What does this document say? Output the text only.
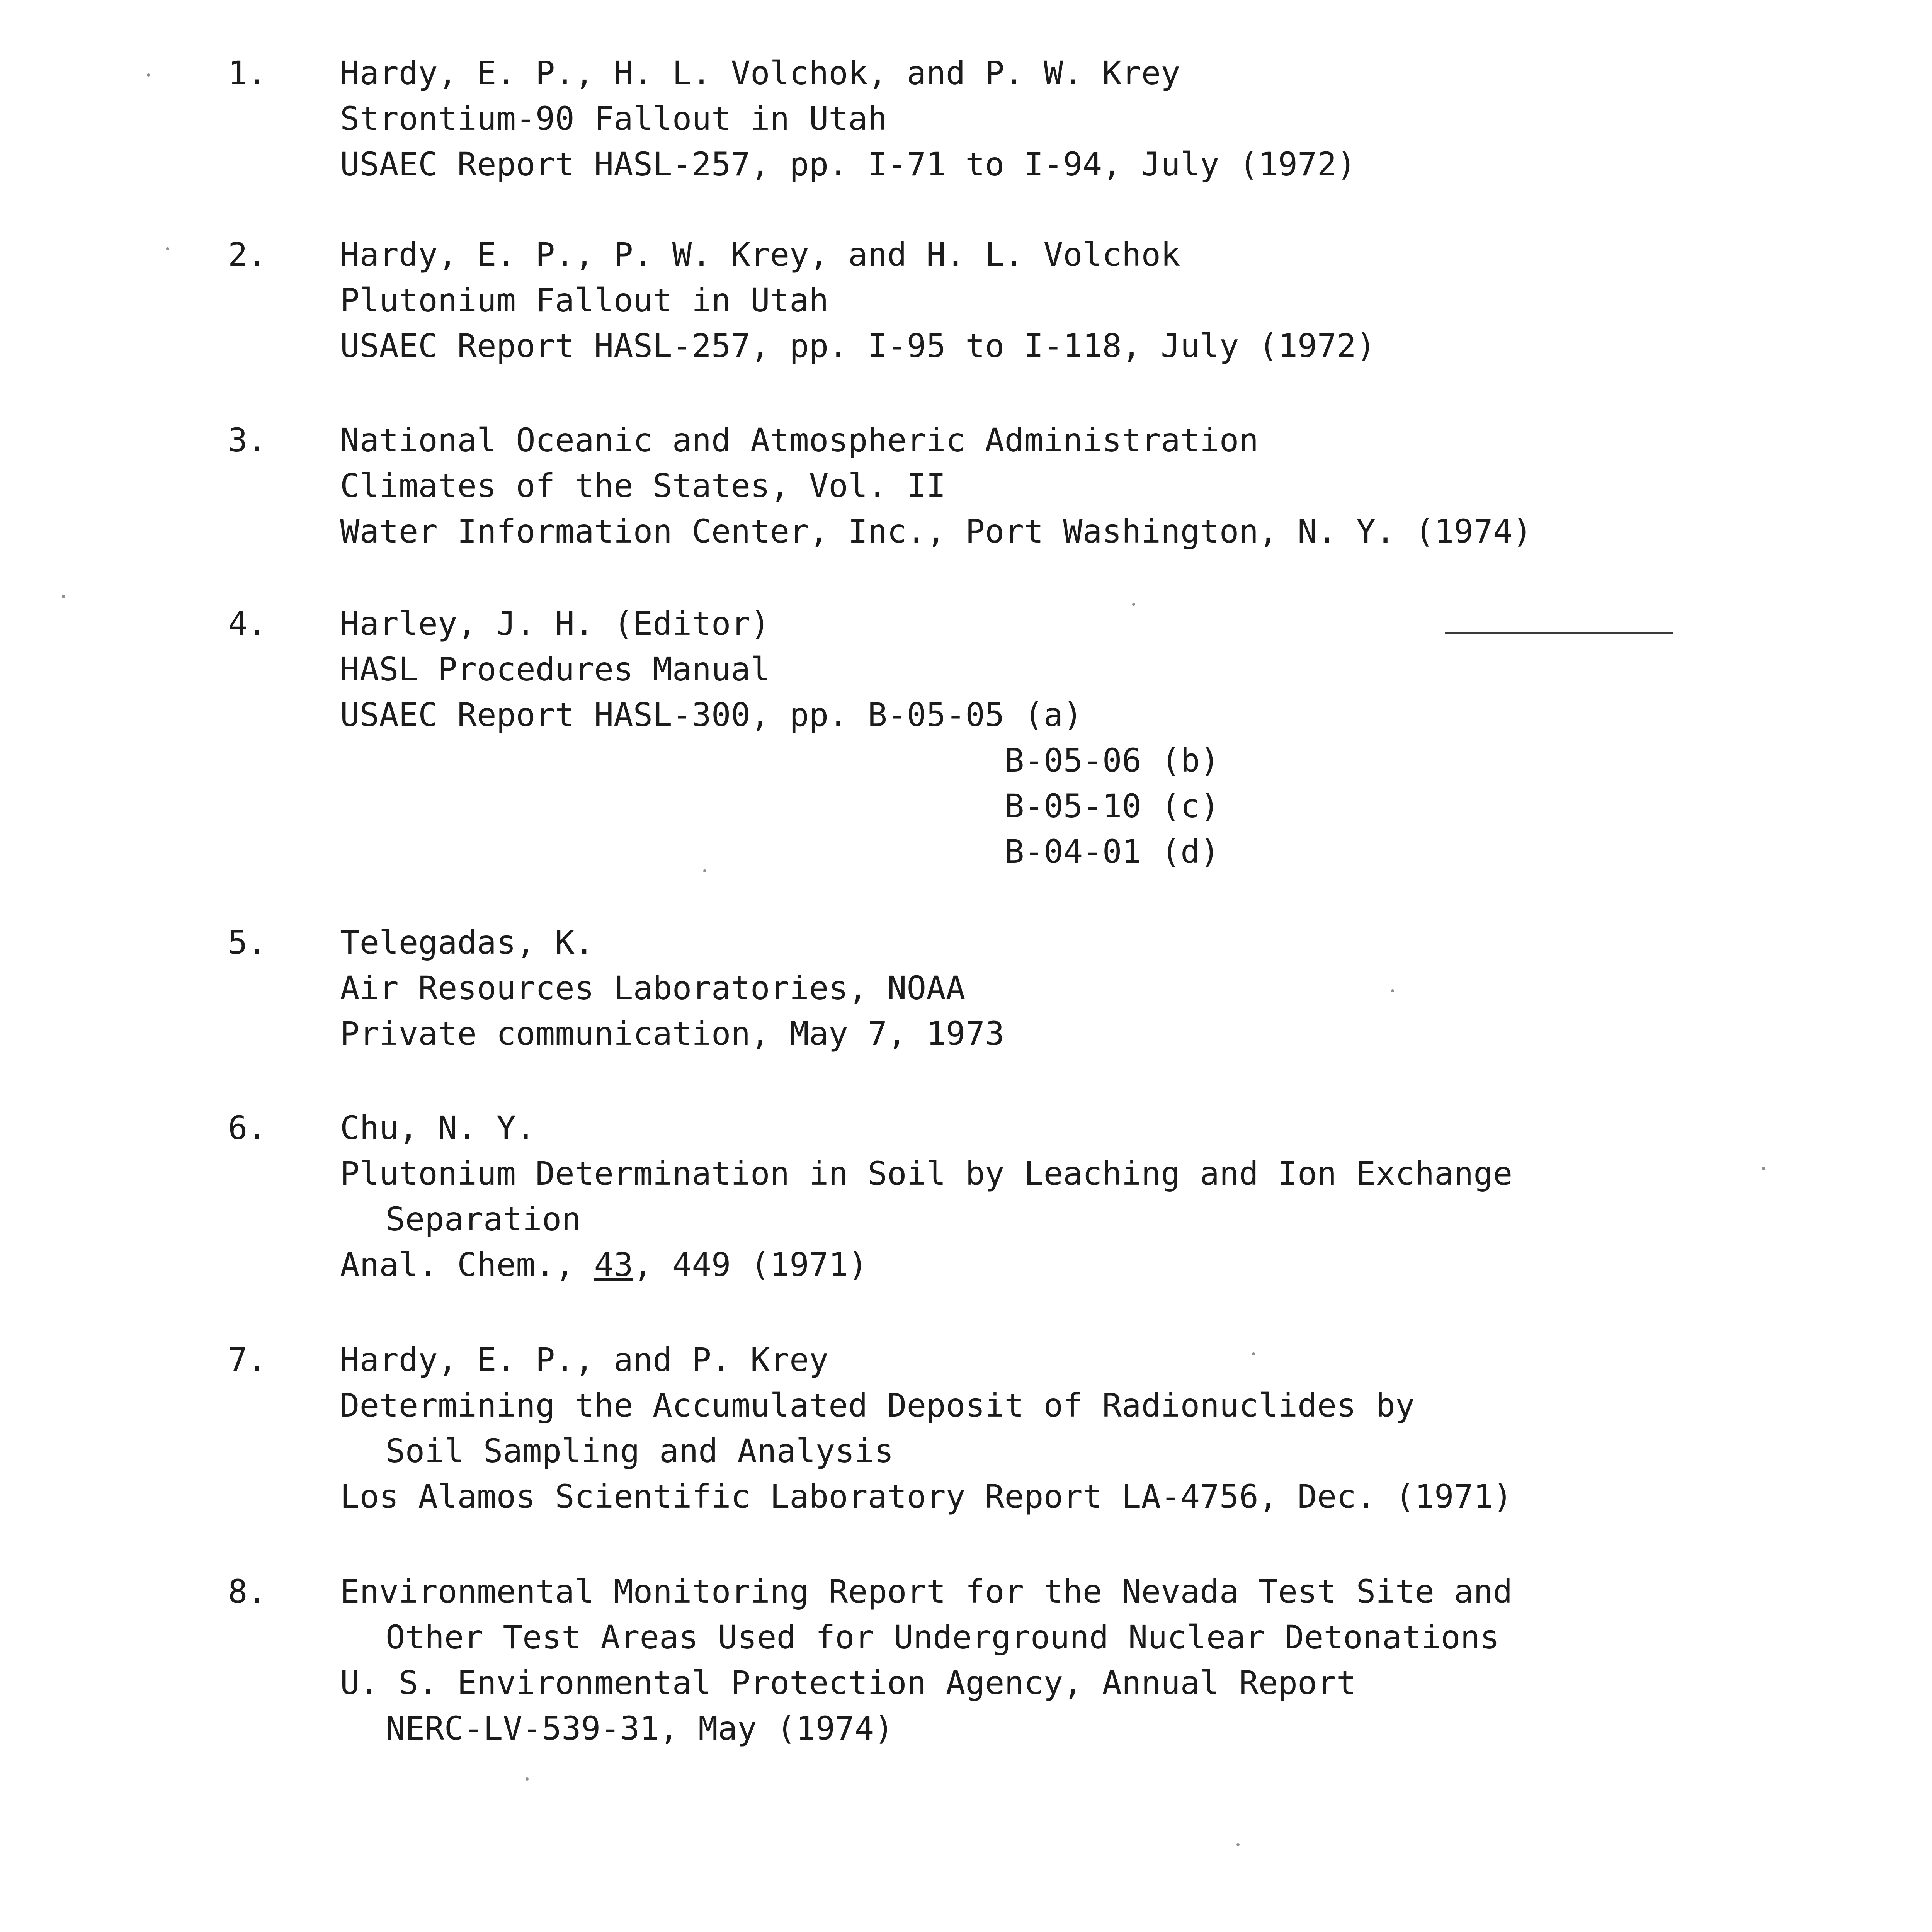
1. Hardy, E. P., H. L. Volchok, and P. W. Krey
Strontium-90 Fallout in Utah
USAEC Report HASL-257, pp. I-71 to I-94, July (1972)
2. Hardy, E. P., P. W. Krey, and H. L. Volchok
Plutonium Fallout in Utah
USAEC Report HASL-257, pp. I-95 to I-118, July (1972)
3. National Oceanic and Atmospheric Administration
Climates of the States, Vol. II
Water Information Center, Inc., Port Washington, N. Y. (1974)
4. Harley, J. H. (Editor)
HASL Procedures Manual
USAEC Report HASL-300, pp. B-05-05 (a)
B-05-06 (b)
B-05-10 (c)
B-04-01 (d)
5. Telegadas, K.
Air Resources Laboratories, NOAA
Private communication, May 7, 1973
6. Chu, N. Y.
Plutonium Determination in Soil by Leaching and Ion Exchange
Separation
Anal. Chem., 43, 449 (1971)
7. Hardy, E. P., and P. Krey
Determining the Accumulated Deposit of Radionuclides by
Soil Sampling and Analysis
Los Alamos Scientific Laboratory Report LA-4756, Dec. (1971)
8. Environmental Monitoring Report for the Nevada Test Site and
Other Test Areas Used for Underground Nuclear Detonations
U. S. Environmental Protection Agency, Annual Report
NERC-LV-539-31, May (1974)
